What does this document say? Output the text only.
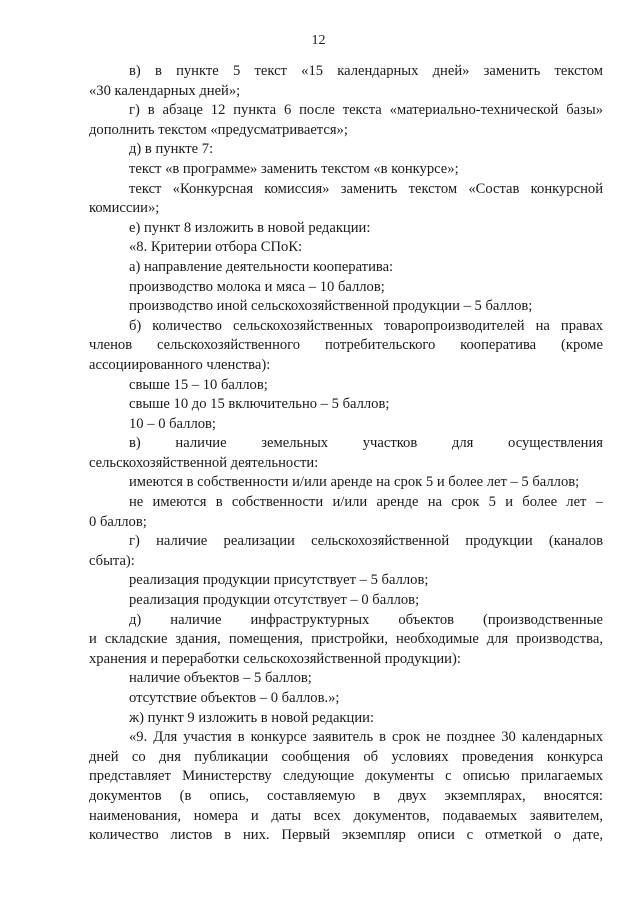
12
в) в пункте 5 текст «15 календарных дней» заменить текстом
«30 календарных дней»;
г) в абзаце 12 пункта 6 после текста «материально-технической базы»
дополнить текстом «предусматривается»;
д) в пункте 7:
текст «в программе» заменить текстом «в конкурсе»;
текст «Конкурсная комиссия» заменить текстом «Состав конкурсной
комиссии»;
е) пункт 8 изложить в новой редакции:
«8. Критерии отбора СПоК:
а) направление деятельности кооператива:
производство молока и мяса – 10 баллов;
производство иной сельскохозяйственной продукции – 5 баллов;
б) количество сельскохозяйственных товаропроизводителей на правах
членов сельскохозяйственного потребительского кооператива (кроме
ассоциированного членства):
свыше 15 – 10 баллов;
свыше 10 до 15 включительно – 5 баллов;
10 – 0 баллов;
в) наличие земельных участков для осуществления
сельскохозяйственной деятельности:
имеются в собственности и/или аренде на срок 5 и более лет – 5 баллов;
не имеются в собственности и/или аренде на срок 5 и более лет –
0 баллов;
г) наличие реализации сельскохозяйственной продукции (каналов
сбыта):
реализация продукции присутствует – 5 баллов;
реализация продукции отсутствует – 0 баллов;
д) наличие инфраструктурных объектов (производственные
и складские здания, помещения, пристройки, необходимые для производства,
хранения и переработки сельскохозяйственной продукции):
наличие объектов – 5 баллов;
отсутствие объектов – 0 баллов.»;
ж) пункт 9 изложить в новой редакции:
«9. Для участия в конкурсе заявитель в срок не позднее 30 календарных
дней со дня публикации сообщения об условиях проведения конкурса
представляет Министерству следующие документы с описью прилагаемых
документов (в опись, составляемую в двух экземплярах, вносятся:
наименования, номера и даты всех документов, подаваемых заявителем,
количество листов в них. Первый экземпляр описи с отметкой о дате,
